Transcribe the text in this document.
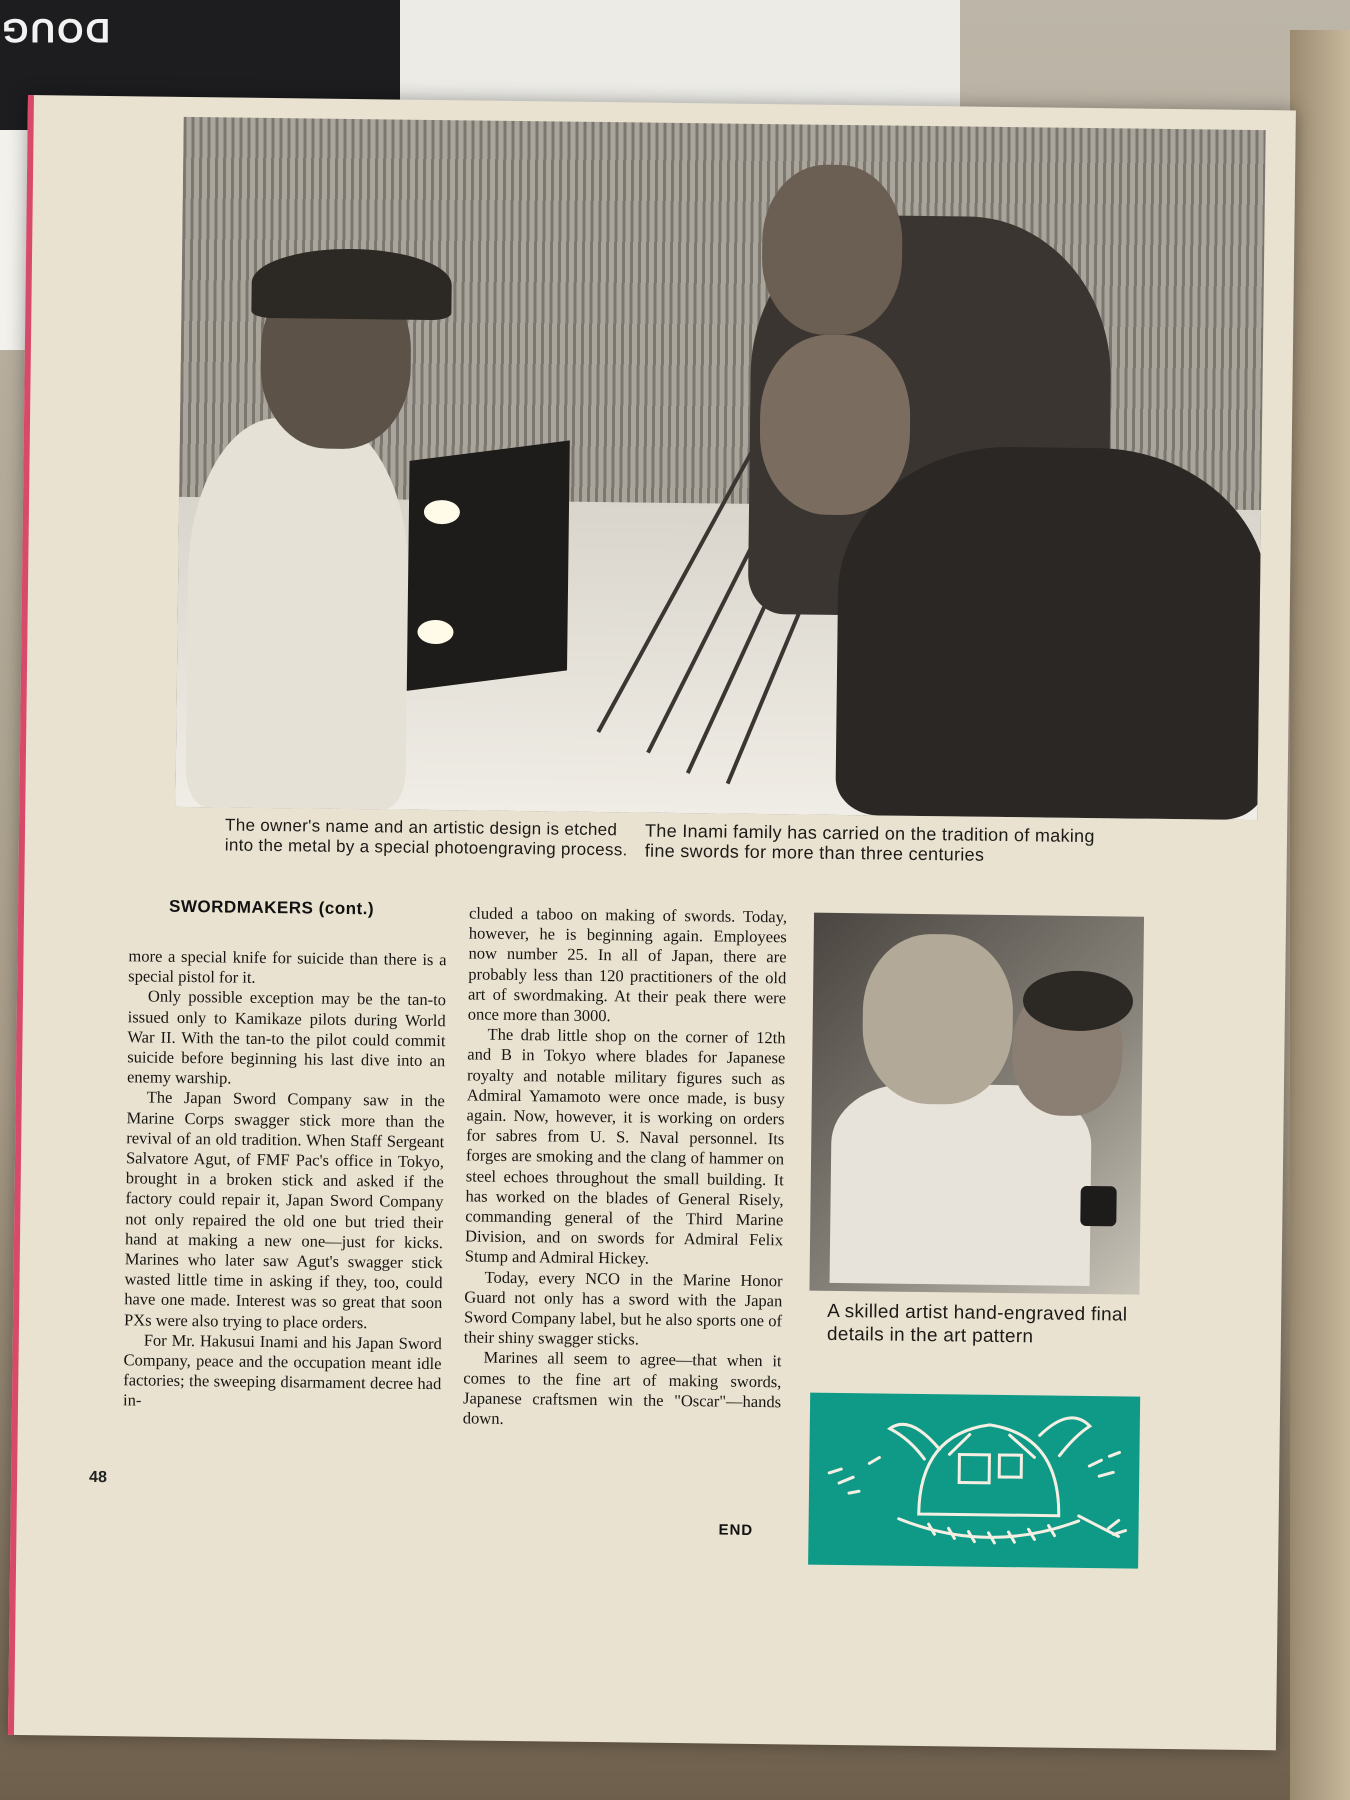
DOUG
The owner's name and an artistic design is etched into the metal by a special photoengraving process.
The Inami family has carried on the tradition of making fine swords for more than three centuries
SWORDMAKERS (cont.)

more a special knife for suicide than there is a special pistol for it.

Only possible exception may be the tan-to issued only to Kamikaze pilots during World War II. With the tan-to the pilot could commit suicide before beginning his last dive into an enemy warship.

The Japan Sword Company saw in the Marine Corps swagger stick more than the revival of an old tradition. When Staff Sergeant Salvatore Agut, of FMF Pac's office in Tokyo, brought in a broken stick and asked if the factory could repair it, Japan Sword Company not only repaired the old one but tried their hand at making a new one—just for kicks. Marines who later saw Agut's swagger stick wasted little time in asking if they, too, could have one made. Interest was so great that soon PXs were also trying to place orders.

For Mr. Hakusui Inami and his Japan Sword Company, peace and the occupation meant idle factories; the sweeping disarmament decree had in-

cluded a taboo on making of swords. Today, however, he is beginning again. Employees now number 25. In all of Japan, there are probably less than 120 practitioners of the old art of swordmaking. At their peak there were once more than 3000.

The drab little shop on the corner of 12th and B in Tokyo where blades for Japanese royalty and notable military figures such as Admiral Yamamoto were once made, is busy again. Now, however, it is working on orders for sabres from U. S. Naval personnel. Its forges are smoking and the clang of hammer on steel echoes throughout the small building. It has worked on the blades of General Risely, commanding general of the Third Marine Division, and on swords for Admiral Felix Stump and Admiral Hickey.

Today, every NCO in the Marine Honor Guard not only has a sword with the Japan Sword Company label, but he also sports one of their shiny swagger sticks.

Marines all seem to agree—that when it comes to the fine art of making swords, Japanese craftsmen win the "Oscar"—hands down.

48
END
A skilled artist hand-engraved final details in the art pattern
